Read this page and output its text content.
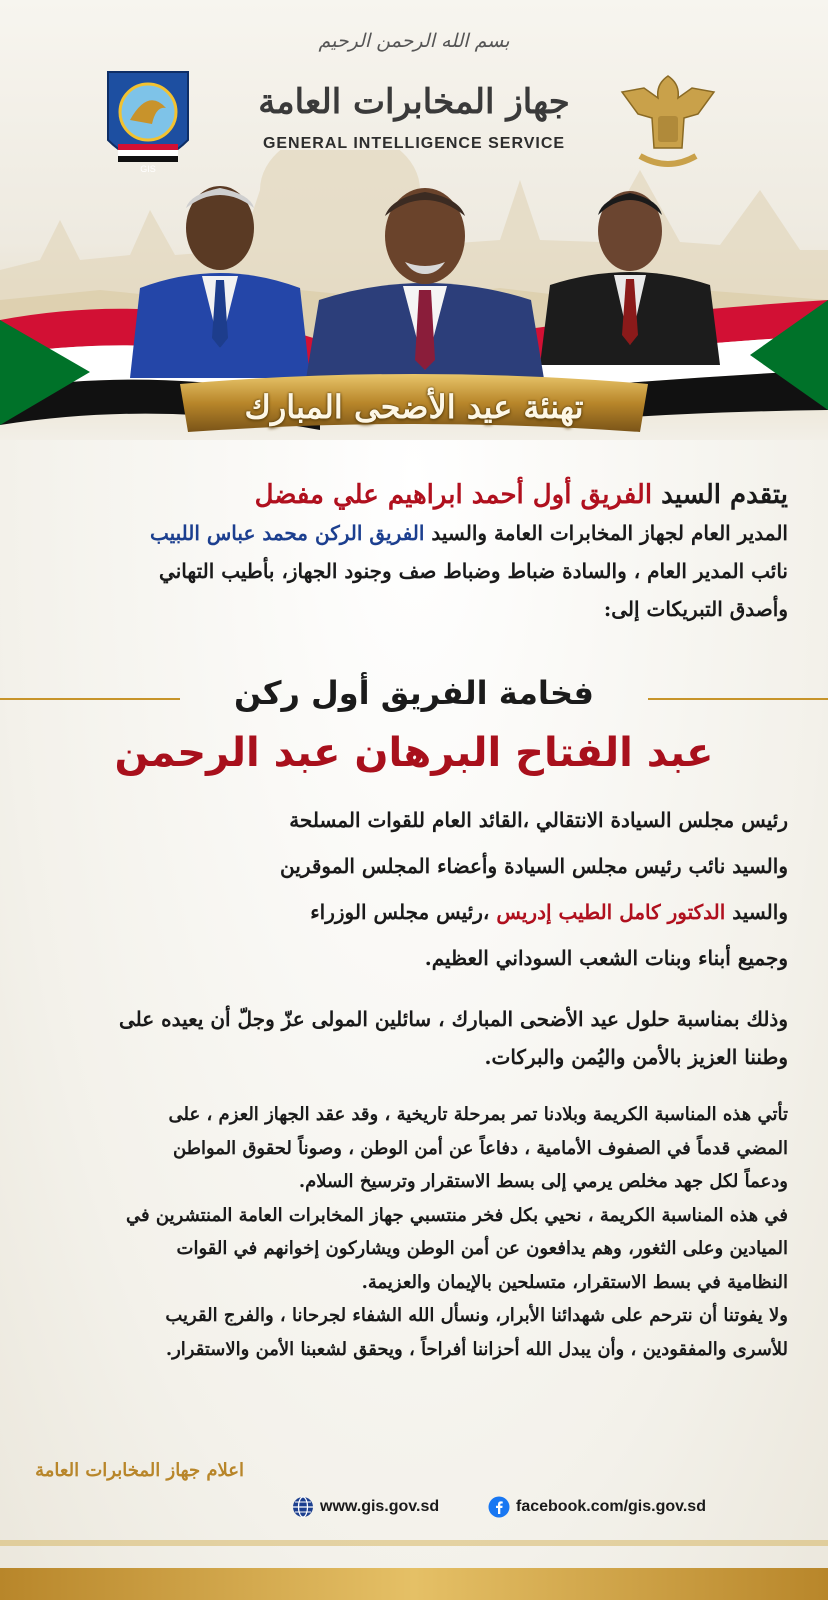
بسم الله الرحمن الرحيم
جهاز المخابرات العامة
GENERAL INTELLIGENCE SERVICE
GIS
تهنئة عيد الأضحى المبارك
يتقدم السيد الفريق أول أحمد ابراهيم علي مفضل
المدير العام لجهاز المخابرات العامة والسيد الفريق الركن محمد عباس اللبيب
نائب المدير العام ، والسادة ضباط وضباط صف وجنود الجهاز، بأطيب التهاني
وأصدق التبريكات إلى:
فخامة الفريق أول ركن
عبد الفتاح البرهان عبد الرحمن
رئيس مجلس السيادة الانتقالي ،القائد العام للقوات المسلحة
والسيد نائب رئيس مجلس السيادة وأعضاء المجلس الموقرين
والسيد الدكتور كامل الطيب إدريس ،رئيس مجلس الوزراء
وجميع أبناء وبنات الشعب السوداني العظيم.
وذلك بمناسبة حلول عيد الأضحى المبارك ، سائلين المولى عزّ وجلّ أن يعيده على
وطننا العزيز بالأمن واليُمن والبركات.
تأتي هذه المناسبة الكريمة وبلادنا تمر بمرحلة تاريخية ، وقد عقد الجهاز العزم ، على
المضي قدماً في الصفوف الأمامية ، دفاعاً عن أمن الوطن ، وصوناً لحقوق المواطن
ودعماً لكل جهد مخلص يرمي إلى بسط الاستقرار وترسيخ السلام.
في هذه المناسبة الكريمة ، نحيي بكل فخر منتسبي جهاز المخابرات العامة المنتشرين في
الميادين وعلى الثغور، وهم يدافعون عن أمن الوطن ويشاركون إخوانهم في القوات
النظامية في بسط الاستقرار، متسلحين بالإيمان والعزيمة.
ولا يفوتنا أن نترحم على شهدائنا الأبرار، ونسأل الله الشفاء لجرحانا ، والفرج القريب
للأسرى والمفقودين ، وأن يبدل الله أحزاننا أفراحاً ، ويحقق لشعبنا الأمن والاستقرار.
اعلام جهاز المخابرات العامة
www.gis.gov.sd	facebook.com/gis.gov.sd
